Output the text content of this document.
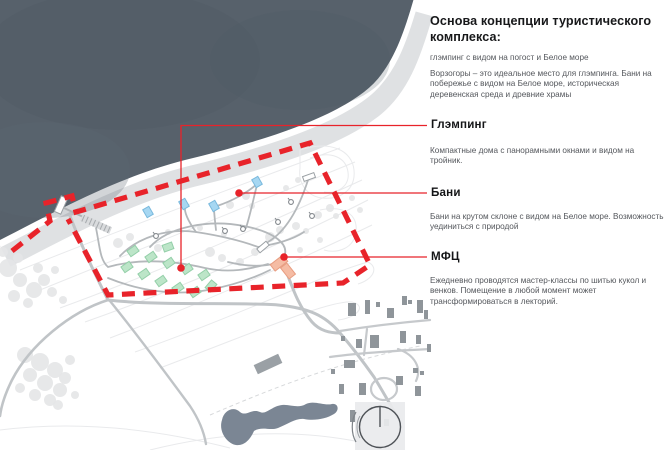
Основа концепции туристического комплекса:
глэмпинг с видом на погост и Белое море
Ворзогоры – это идеальное место для глэмпинга. Бани на побережье с видом на Белое море, историческая деревенская среда и древние храмы
Глэмпинг
Компактные дома с панорамными окнами и видом на тройник.
Бани
Бани на крутом склоне с видом на Белое море. Возможность уединиться с природой
МФЦ
Ежедневно проводятся мастер-классы по шитью кукол и венков. Помещение в любой момент может трансформироваться в лекторий.
